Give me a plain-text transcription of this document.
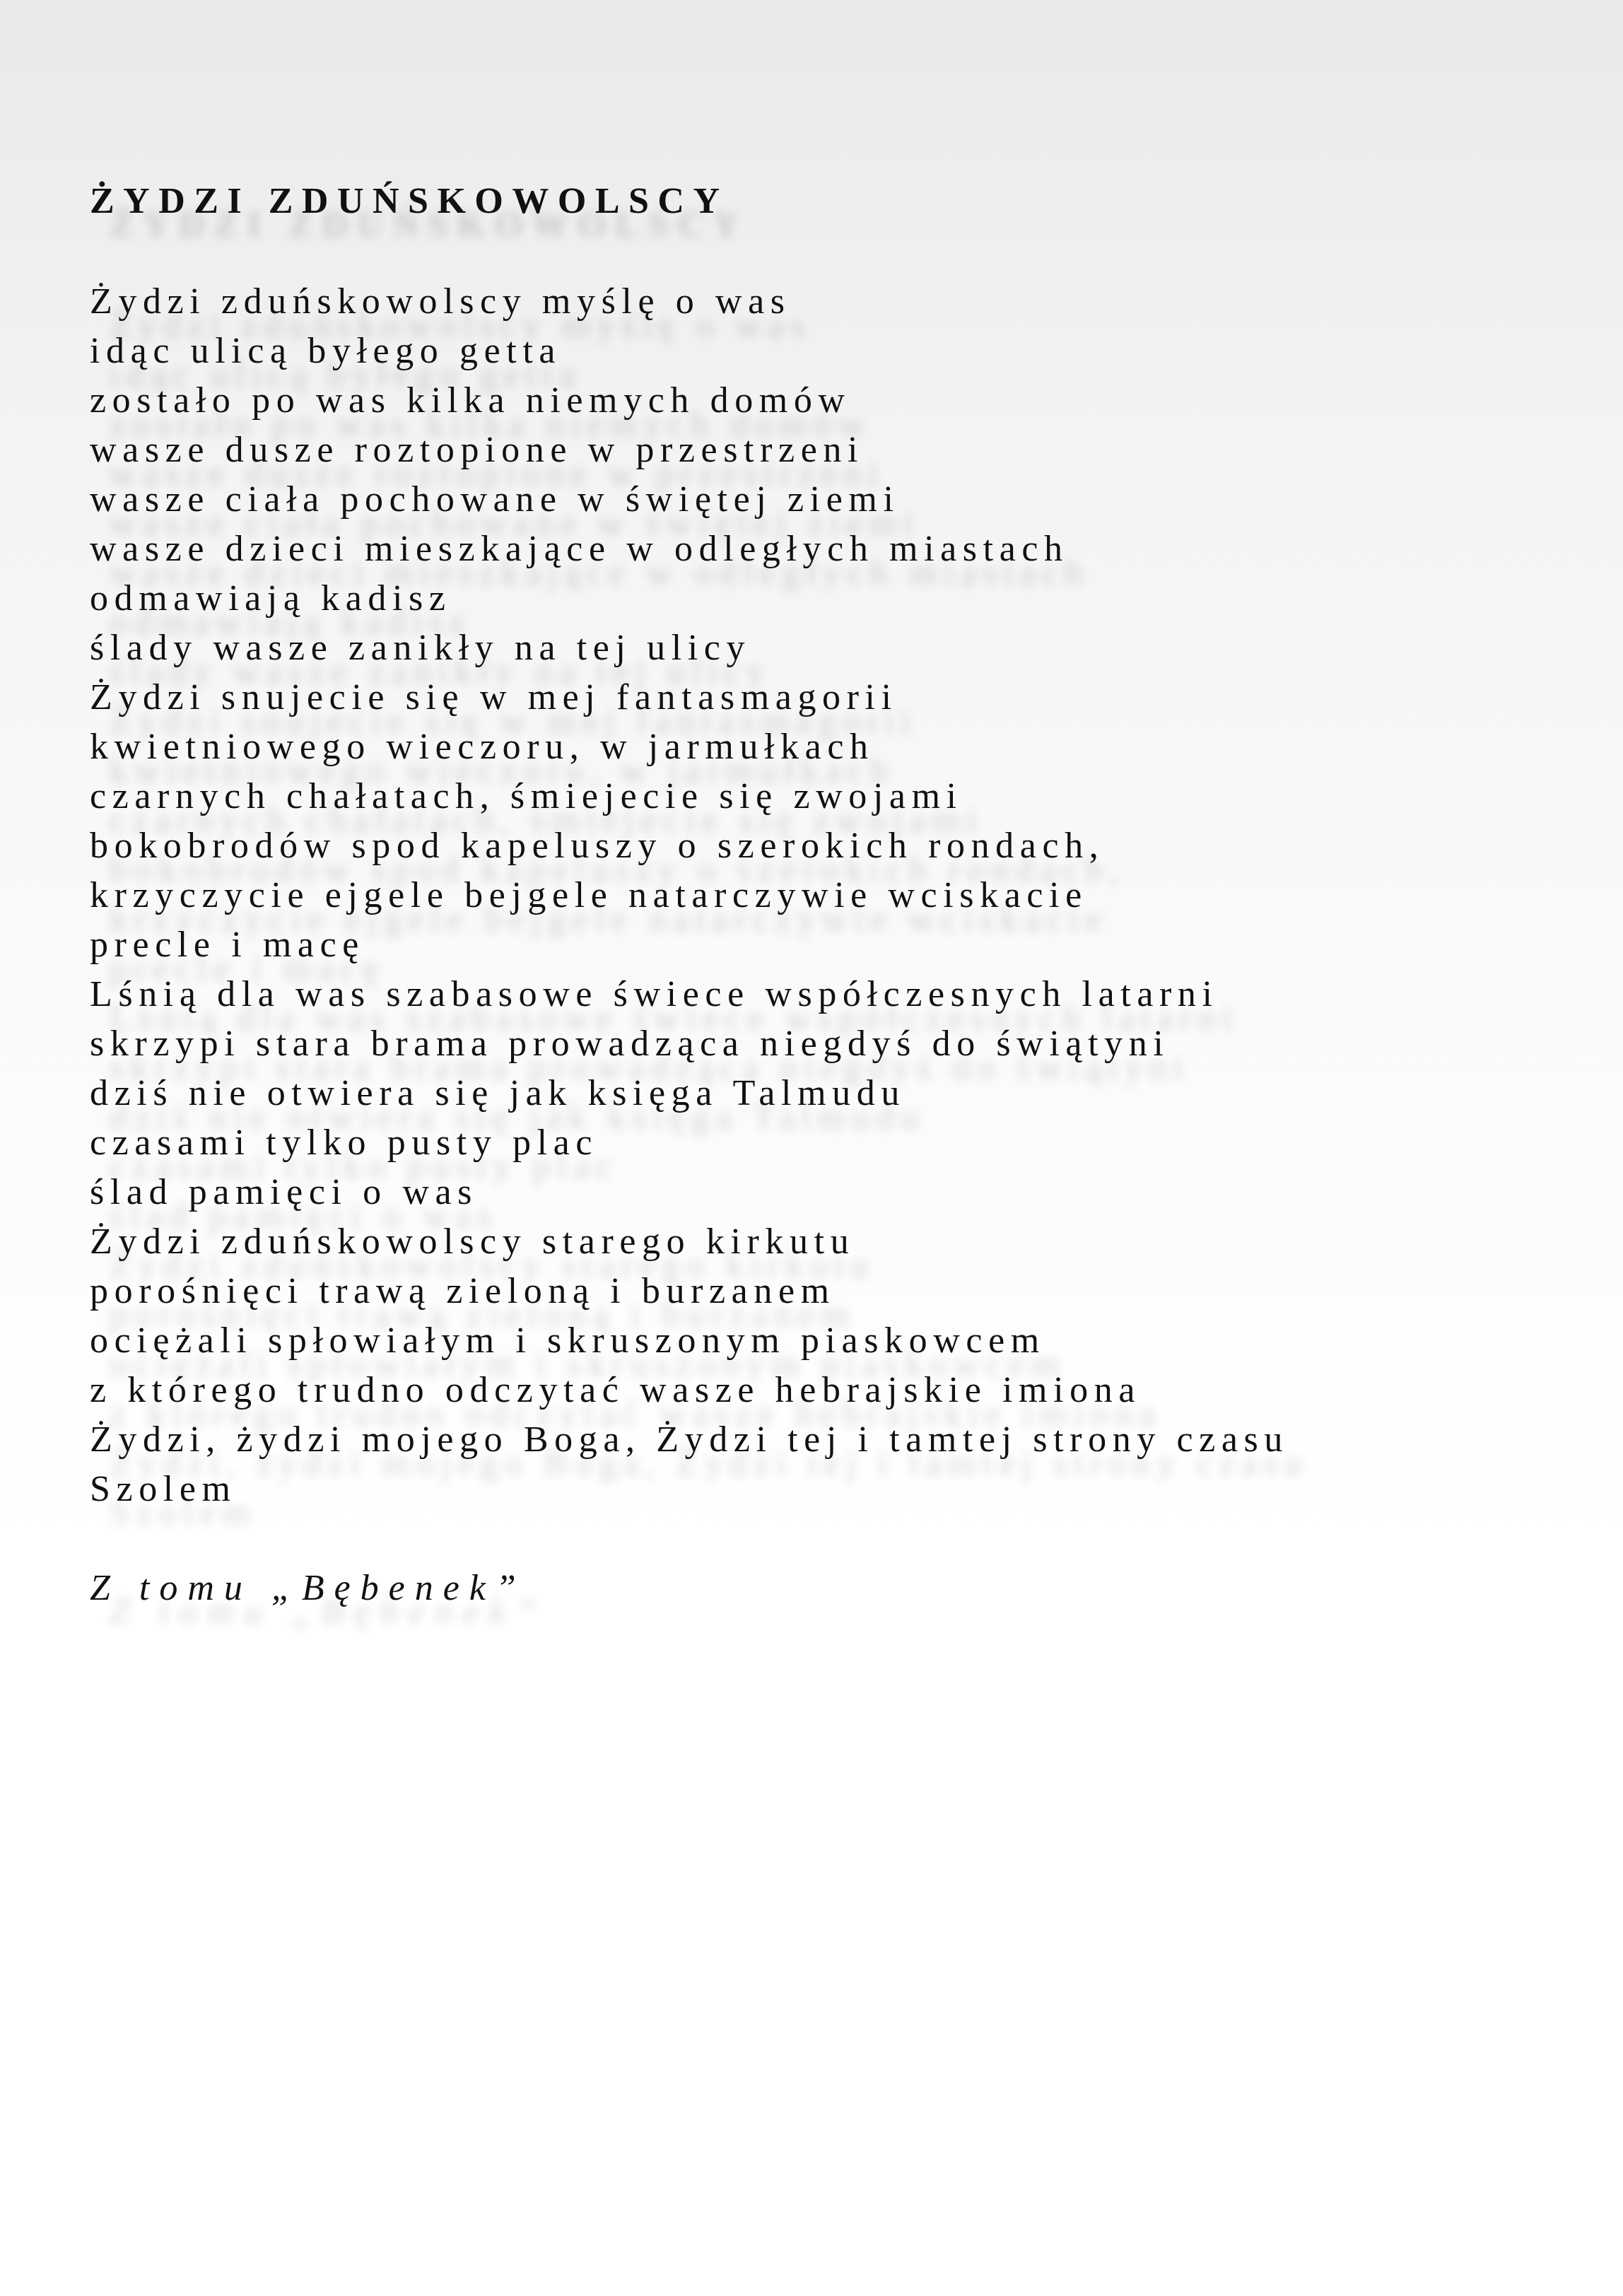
ŻYDZI ZDUŃSKOWOLSCY
Żydzi zduńskowolscy myślę o was
idąc ulicą byłego getta
zostało po was kilka niemych domów
wasze dusze roztopione w przestrzeni
wasze ciała pochowane w świętej ziemi
wasze dzieci mieszkające w odległych miastach
odmawiają kadisz
ślady wasze zanikły na tej ulicy
Żydzi snujecie się w mej fantasmagorii
kwietniowego wieczoru, w jarmułkach
czarnych chałatach, śmiejecie się zwojami
bokobrodów spod kapeluszy o szerokich rondach,
krzyczycie ejgele bejgele natarczywie wciskacie
precle i macę
Lśnią dla was szabasowe świece współczesnych latarni
skrzypi stara brama prowadząca niegdyś do świątyni
dziś nie otwiera się jak księga Talmudu
czasami tylko pusty plac
ślad pamięci o was
Żydzi zduńskowolscy starego kirkutu
porośnięci trawą zieloną i burzanem
ociężali spłowiałym i skruszonym piaskowcem
z którego trudno odczytać wasze hebrajskie imiona
Żydzi, żydzi mojego Boga, Żydzi tej i tamtej strony czasu
Szolem
Z tomu „Bębenek”
